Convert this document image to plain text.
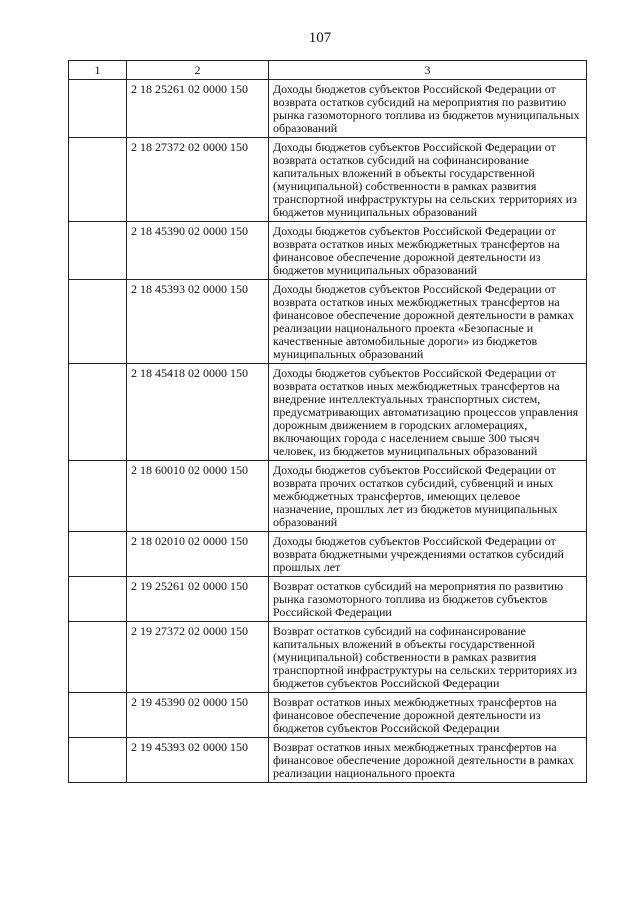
107
1	2	3
	2 18 25261 02 0000 150	Доходы бюджетов субъектов Российской Федерации от возврата остатков субсидий на мероприятия по развитию рынка газомоторного топлива из бюджетов муниципальных образований
	2 18 27372 02 0000 150	Доходы бюджетов субъектов Российской Федерации от возврата остатков субсидий на софинансирование капитальных вложений в объекты государственной (муниципальной) собственности в рамках развития транспортной инфраструктуры на сельских территориях из бюджетов муниципальных образований
	2 18 45390 02 0000 150	Доходы бюджетов субъектов Российской Федерации от возврата остатков иных межбюджетных трансфертов на финансовое обеспечение дорожной деятельности из бюджетов муниципальных образований
	2 18 45393 02 0000 150	Доходы бюджетов субъектов Российской Федерации от возврата остатков иных межбюджетных трансфертов на финансовое обеспечение дорожной деятельности в рамках реализации национального проекта «Безопасные и качественные автомобильные дороги» из бюджетов муниципальных образований
	2 18 45418 02 0000 150	Доходы бюджетов субъектов Российской Федерации от возврата остатков иных межбюджетных трансфертов на внедрение интеллектуальных транспортных систем, предусматривающих автоматизацию процессов управления дорожным движением в городских агломерациях, включающих города с населением свыше 300 тысяч человек, из бюджетов муниципальных образований
	2 18 60010 02 0000 150	Доходы бюджетов субъектов Российской Федерации от возврата прочих остатков субсидий, субвенций и иных межбюджетных трансфертов, имеющих целевое назначение, прошлых лет из бюджетов муниципальных образований
	2 18 02010 02 0000 150	Доходы бюджетов субъектов Российской Федерации от возврата бюджетными учреждениями остатков субсидий прошлых лет
	2 19 25261 02 0000 150	Возврат остатков субсидий на мероприятия по развитию рынка газомоторного топлива из бюджетов субъектов Российской Федерации
	2 19 27372 02 0000 150	Возврат остатков субсидий на софинансирование капитальных вложений в объекты государственной (муниципальной) собственности в рамках развития транспортной инфраструктуры на сельских территориях из бюджетов субъектов Российской Федерации
	2 19 45390 02 0000 150	Возврат остатков иных межбюджетных трансфертов на финансовое обеспечение дорожной деятельности из бюджетов субъектов Российской Федерации
	2 19 45393 02 0000 150	Возврат остатков иных межбюджетных трансфертов на финансовое обеспечение дорожной деятельности в рамках реализации национального проекта
